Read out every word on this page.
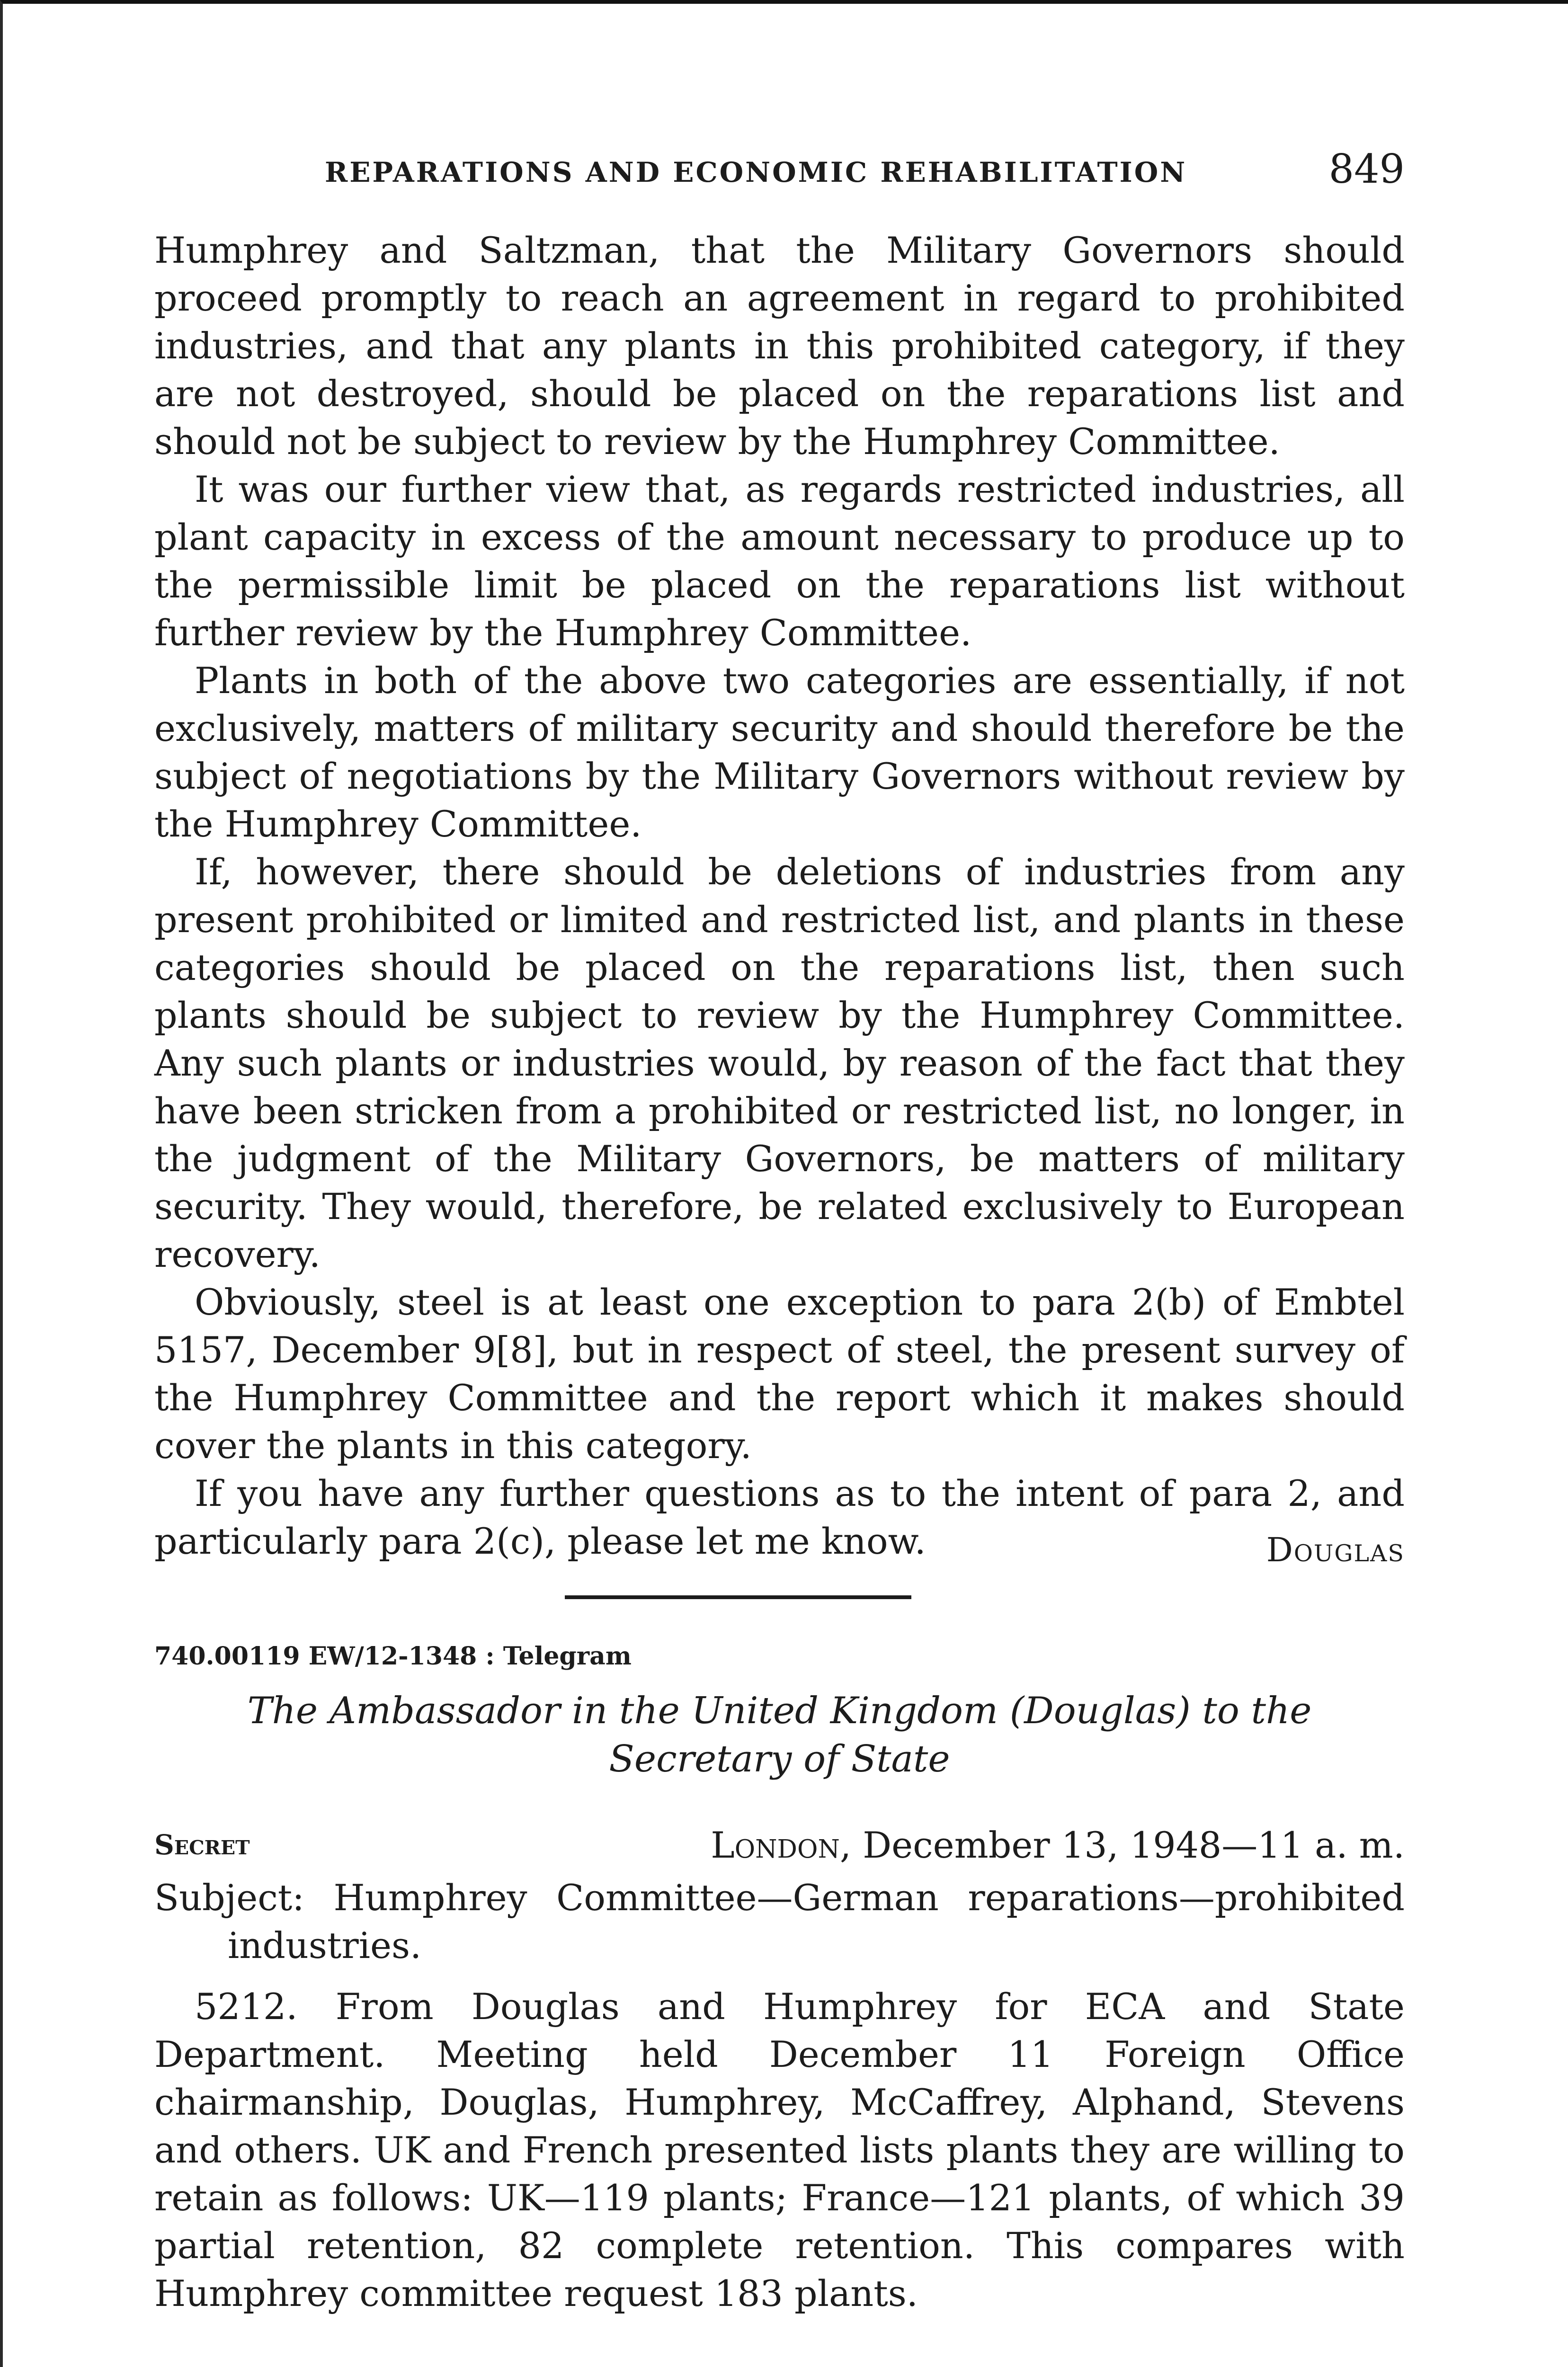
REPARATIONS AND ECONOMIC REHABILITATION	849

Humphrey and Saltzman, that the Military Governors should proceed promptly to reach an agreement in regard to prohibited industries, and that any plants in this prohibited category, if they are not destroyed, should be placed on the reparations list and should not be subject to review by the Humphrey Committee.

It was our further view that, as regards restricted industries, all plant capacity in excess of the amount necessary to produce up to the permissible limit be placed on the reparations list without further review by the Humphrey Committee.

Plants in both of the above two categories are essentially, if not exclusively, matters of military security and should therefore be the subject of negotiations by the Military Governors without review by the Humphrey Committee.

If, however, there should be deletions of industries from any present prohibited or limited and restricted list, and plants in these categories should be placed on the reparations list, then such plants should be subject to review by the Humphrey Committee. Any such plants or industries would, by reason of the fact that they have been stricken from a prohibited or restricted list, no longer, in the judgment of the Military Governors, be matters of military security. They would, therefore, be related exclusively to European recovery.

Obviously, steel is at least one exception to para 2(b) of Embtel 5157, December 9[8], but in respect of steel, the present survey of the Humphrey Committee and the report which it makes should cover the plants in this category.

If you have any further questions as to the intent of para 2, and particularly para 2(c), please let me know.	Douglas
740.00119 EW/12-1348 : Telegram
The Ambassador in the United Kingdom (Douglas) to the Secretary of State
Secret	London, December 13, 1948—11 a. m.
Subject: Humphrey Committee—German reparations—prohibited industries.

5212. From Douglas and Humphrey for ECA and State Department. Meeting held December 11 Foreign Office chairmanship, Douglas, Humphrey, McCaffrey, Alphand, Stevens and others. UK and French presented lists plants they are willing to retain as follows: UK—119 plants; France—121 plants, of which 39 partial retention, 82 complete retention. This compares with Humphrey committee request 183 plants.
